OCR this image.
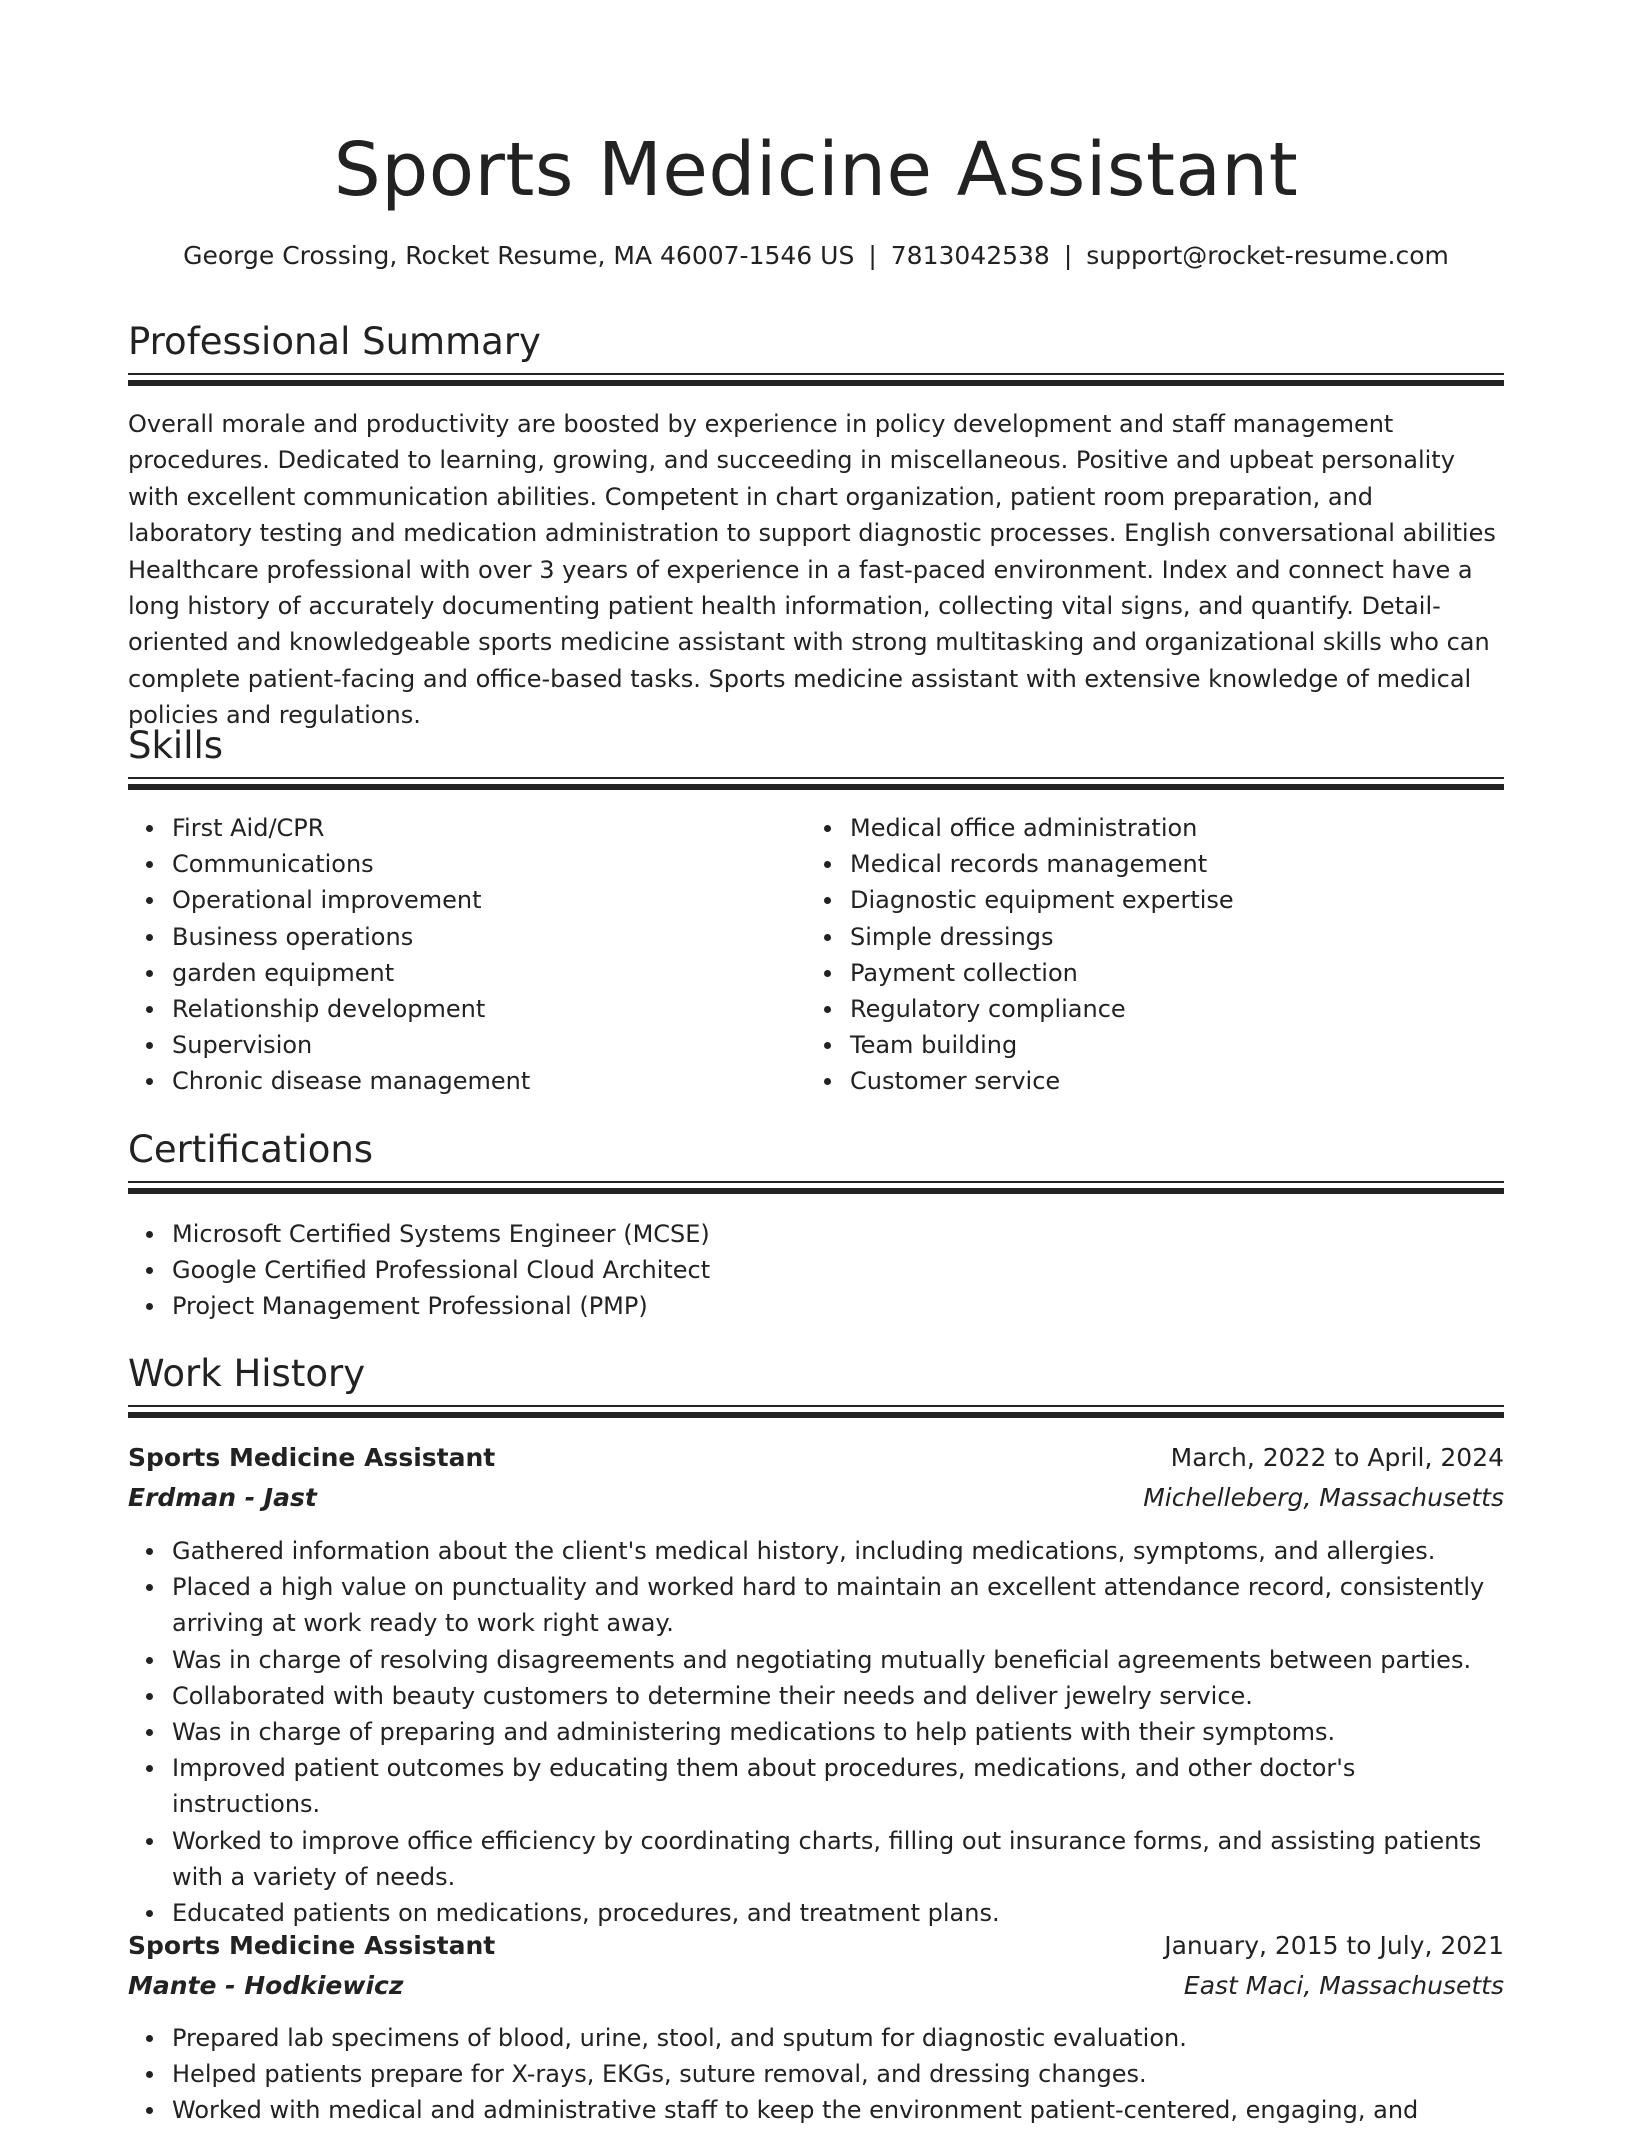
Sports Medicine Assistant
George Crossing, Rocket Resume, MA 46007-1546 US | 7813042538 | support@rocket-resume.com
Professional Summary

Overall morale and productivity are boosted by experience in policy development and staff management procedures. Dedicated to learning, growing, and succeeding in miscellaneous. Positive and upbeat personality with excellent communication abilities. Competent in chart organization, patient room preparation, and laboratory testing and medication administration to support diagnostic processes. English conversational abilities Healthcare professional with over 3 years of experience in a fast-paced environment. Index and connect have a long history of accurately documenting patient health information, collecting vital signs, and quantify. Detail-oriented and knowledgeable sports medicine assistant with strong multitasking and organizational skills who can complete patient-facing and office-based tasks. Sports medicine assistant with extensive knowledge of medical policies and regulations.

Skills
First Aid/CPR
Communications
Operational improvement
Business operations
garden equipment
Relationship development
Supervision
Chronic disease management
Medical office administration
Medical records management
Diagnostic equipment expertise
Simple dressings
Payment collection
Regulatory compliance
Team building
Customer service
Certifications
Microsoft Certified Systems Engineer (MCSE)
Google Certified Professional Cloud Architect
Project Management Professional (PMP)
Work History
Sports Medicine Assistant	March, 2022 to April, 2024
Erdman - Jast	Michelleberg, Massachusetts
Gathered information about the client's medical history, including medications, symptoms, and allergies.
Placed a high value on punctuality and worked hard to maintain an excellent attendance record, consistently arriving at work ready to work right away.
Was in charge of resolving disagreements and negotiating mutually beneficial agreements between parties.
Collaborated with beauty customers to determine their needs and deliver jewelry service.
Was in charge of preparing and administering medications to help patients with their symptoms.
Improved patient outcomes by educating them about procedures, medications, and other doctor's instructions.
Worked to improve office efficiency by coordinating charts, filling out insurance forms, and assisting patients with a variety of needs.
Educated patients on medications, procedures, and treatment plans.
Sports Medicine Assistant	January, 2015 to July, 2021
Mante - Hodkiewicz	East Maci, Massachusetts
Prepared lab specimens of blood, urine, stool, and sputum for diagnostic evaluation.
Helped patients prepare for X-rays, EKGs, suture removal, and dressing changes.
Worked with medical and administrative staff to keep the environment patient-centered, engaging, and
